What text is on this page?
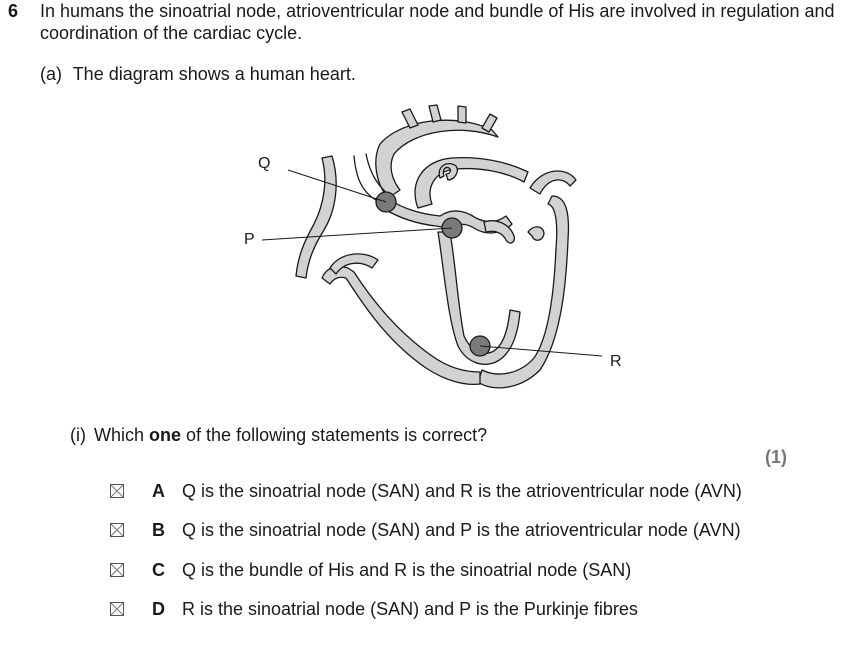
6 In humans the sinoatrial node, atrioventricular node and bundle of His are involved in regulation and coordination of the cardiac cycle.
(a) The diagram shows a human heart.
Q
P
R
(i) Which one of the following statements is correct?
(1)
A Q is the sinoatrial node (SAN) and R is the atrioventricular node (AVN)
B Q is the sinoatrial node (SAN) and P is the atrioventricular node (AVN)
C Q is the bundle of His and R is the sinoatrial node (SAN)
D R is the sinoatrial node (SAN) and P is the Purkinje fibres
